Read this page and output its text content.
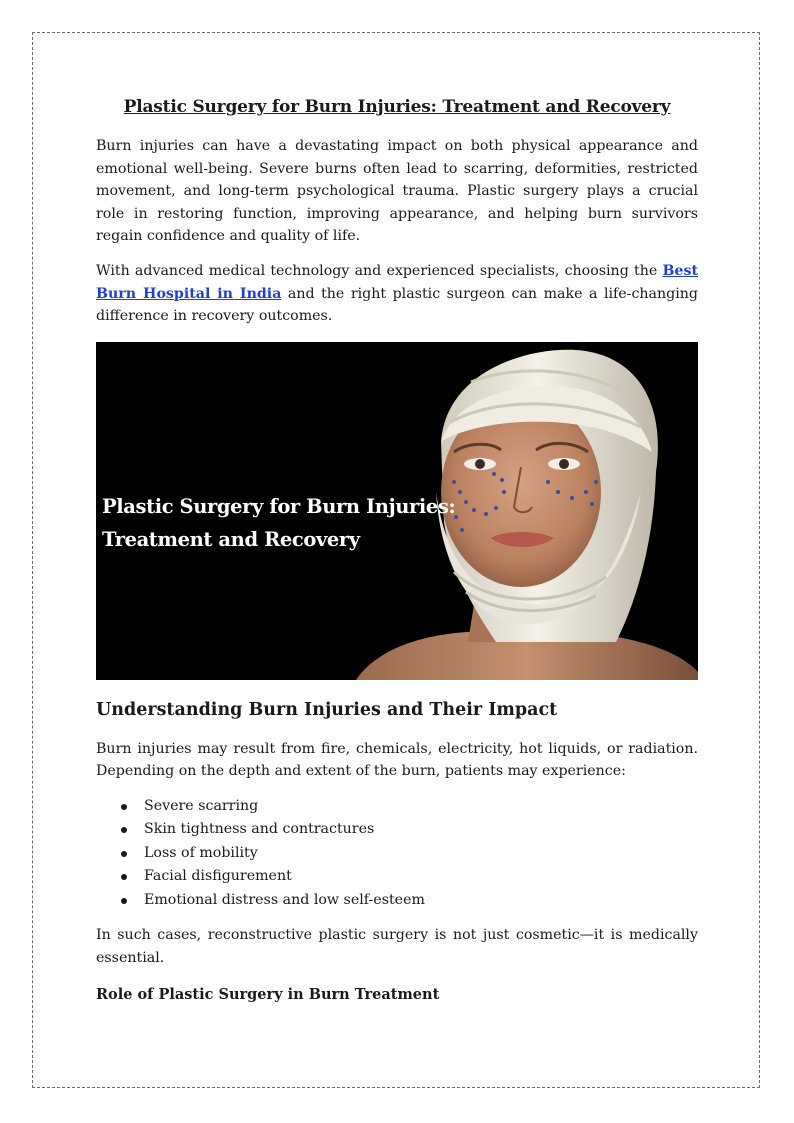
Plastic Surgery for Burn Injuries: Treatment and Recovery

Burn injuries can have a devastating impact on both physical appearance and emotional well-being. Severe burns often lead to scarring, deformities, restricted movement, and long-term psychological trauma. Plastic surgery plays a crucial role in restoring function, improving appearance, and helping burn survivors regain confidence and quality of life.

With advanced medical technology and experienced specialists, choosing the Best Burn Hospital in India and the right plastic surgeon can make a life-changing difference in recovery outcomes.

Plastic Surgery for Burn Injuries:
Treatment and Recovery
Understanding Burn Injuries and Their Impact

Burn injuries may result from fire, chemicals, electricity, hot liquids, or radiation. Depending on the depth and extent of the burn, patients may experience:

Severe scarring
Skin tightness and contractures
Loss of mobility
Facial disfigurement
Emotional distress and low self-esteem

In such cases, reconstructive plastic surgery is not just cosmetic—it is medically essential.

Role of Plastic Surgery in Burn Treatment
